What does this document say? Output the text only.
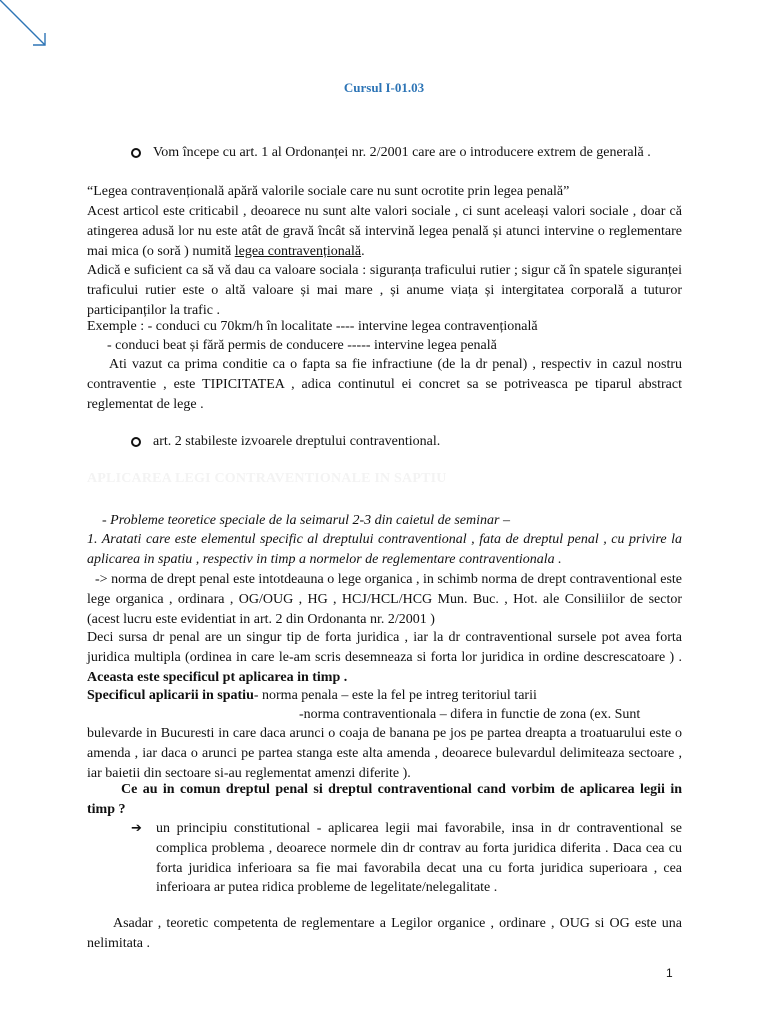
Cursul I-01.03
Vom începe cu art. 1 al Ordonanței nr. 2/2001 care are o introducere extrem de generală .

“Legea contravențională apără valorile sociale care nu sunt ocrotite prin legea penală”

Acest articol este criticabil , deoarece nu sunt alte valori sociale , ci sunt aceleași valori sociale , doar că atingerea adusă lor nu este atât de gravă încât să intervină legea penală și atunci intervine o reglementare mai mica (o soră ) numită legea contravențională.

Adică e suficient ca să vă dau ca valoare sociala : siguranța traficului rutier ; sigur că în spatele siguranței traficului rutier este o altă valoare și mai mare , și anume viața și intergitatea corporală a tuturor participanților la trafic .

Exemple : - conduci cu 70km/h în localitate ---- intervine legea contravențională

- conduci beat și fără permis de conducere ----- intervine legea penală

Ati vazut ca prima conditie ca o fapta sa fie infractiune (de la dr penal) , respectiv in cazul nostru contraventie , este TIPICITATEA , adica continutul ei concret sa se potriveasca pe tiparul abstract reglementat de lege .

art. 2 stabileste izvoarele dreptului contraventional.
APLICAREA LEGI CONTRAVENTIONALE IN SAPTIU

- Probleme teoretice speciale de la seimarul 2-3 din caietul de seminar –

1. Aratati care este elementul specific al dreptului contraventional , fata de dreptul penal , cu privire la aplicarea in spatiu , respectiv in timp a normelor de reglementare contraventionala .

-> norma de drept penal este intotdeauna o lege organica , in schimb norma de drept contraventional este lege organica , ordinara , OG/OUG , HG , HCJ/HCL/HCG Mun. Buc. , Hot. ale Consiliilor de sector (acest lucru este evidentiat in art. 2 din Ordonanta nr. 2/2001 )

Deci sursa dr penal are un singur tip de forta juridica , iar la dr contraventional sursele pot avea forta juridica multipla (ordinea in care le-am scris desemneaza si forta lor juridica in ordine descrescatoare ) . Aceasta este specificul pt aplicarea in timp .

Specificul aplicarii in spatiu- norma penala – este la fel pe intreg teritoriul tarii

-norma contraventionala – difera in functie de zona (ex. Sunt

bulevarde in Bucuresti in care daca arunci o coaja de banana pe jos pe partea dreapta a troatuarului este o amenda , iar daca o arunci pe partea stanga este alta amenda , deoarece bulevardul delimiteaza sectoare , iar baietii din sectoare si-au reglementat amenzi diferite ).

Ce au in comun dreptul penal si dreptul contraventional cand vorbim de aplicarea legii in timp ?

➔ un principiu constitutional - aplicarea legii mai favorabile, insa in dr contraventional se complica problema , deoarece normele din dr contrav au forta juridica diferita . Daca cea cu forta juridica inferioara sa fie mai favorabila decat una cu forta juridica superioara , cea inferioara ar putea ridica probleme de legelitate/nelegalitate .

Asadar , teoretic competenta de reglementare a Legilor organice , ordinare , OUG si OG este una nelimitata .

1
